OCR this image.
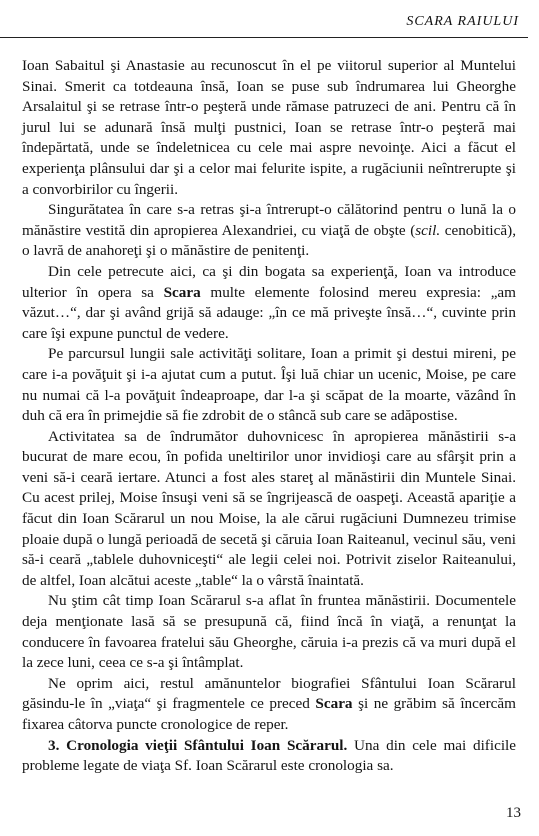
SCARA RAIULUI

Ioan Sabaitul şi Anastasie au recunoscut în el pe viitorul superior al Muntelui Sinai. Smerit ca totdeauna însă, Ioan se puse sub îndrumarea lui Gheorghe Arsalaitul şi se retrase într-o peşteră unde rămase patruzeci de ani. Pentru că în jurul lui se adunară însă mulţi pustnici, Ioan se retrase într-o peşteră mai îndepărtată, unde se îndeletnicea cu cele mai aspre nevoinţe. Aici a făcut el experienţa plânsului dar şi a celor mai felurite ispite, a rugăciunii neîntrerupte şi a convorbirilor cu îngerii.

Singurătatea în care s-a retras şi-a întrerupt-o călătorind pentru o lună la o mănăstire vestită din apropierea Alexandriei, cu viaţă de obşte (scil. cenobitică), o lavră de anahoreţi şi o mănăstire de penitenţi.

Din cele petrecute aici, ca şi din bogata sa experienţă, Ioan va introduce ulterior în opera sa Scara multe elemente folosind mereu expresia: „am văzut…“, dar şi având grijă să adauge: „în ce mă priveşte însă…“, cuvinte prin care îşi expune punctul de vedere.

Pe parcursul lungii sale activităţi solitare, Ioan a primit şi destui mireni, pe care i-a povăţuit şi i-a ajutat cum a putut. Îşi luă chiar un ucenic, Moise, pe care nu numai că l-a povăţuit îndeaproape, dar l-a şi scăpat de la moarte, văzând în duh că era în primejdie să fie zdrobit de o stâncă sub care se adăpostise.

Activitatea sa de îndrumător duhovnicesc în apropierea mănăstirii s-a bucurat de mare ecou, în pofida uneltirilor unor invidioşi care au sfârşit prin a veni să-i ceară iertare. Atunci a fost ales stareţ al mănăstirii din Muntele Sinai. Cu acest prilej, Moise însuşi veni să se îngrijească de oaspeţi. Această apariţie a făcut din Ioan Scărarul un nou Moise, la ale cărui rugăciuni Dumnezeu trimise ploaie după o lungă perioadă de secetă şi căruia Ioan Raiteanul, vecinul său, veni să-i ceară „tablele duhovniceşti“ ale legii celei noi. Potrivit ziselor Raiteanului, de altfel, Ioan alcătui aceste „table“ la o vârstă înaintată.

Nu ştim cât timp Ioan Scărarul s-a aflat în fruntea mănăstirii. Documentele deja menţionate lasă să se presupună că, fiind încă în viaţă, a renunţat la conducere în favoarea fratelui său Gheorghe, căruia i-a prezis că va muri după el la zece luni, ceea ce s-a şi întâmplat.

Ne oprim aici, restul amănuntelor biografiei Sfântului Ioan Scărarul găsindu-le în „viaţa“ şi fragmentele ce preced Scara şi ne grăbim să încercăm fixarea câtorva puncte cronologice de reper.

3. Cronologia vieţii Sfântului Ioan Scărarul. Una din cele mai dificile probleme legate de viaţa Sf. Ioan Scărarul este cronologia sa.

13
